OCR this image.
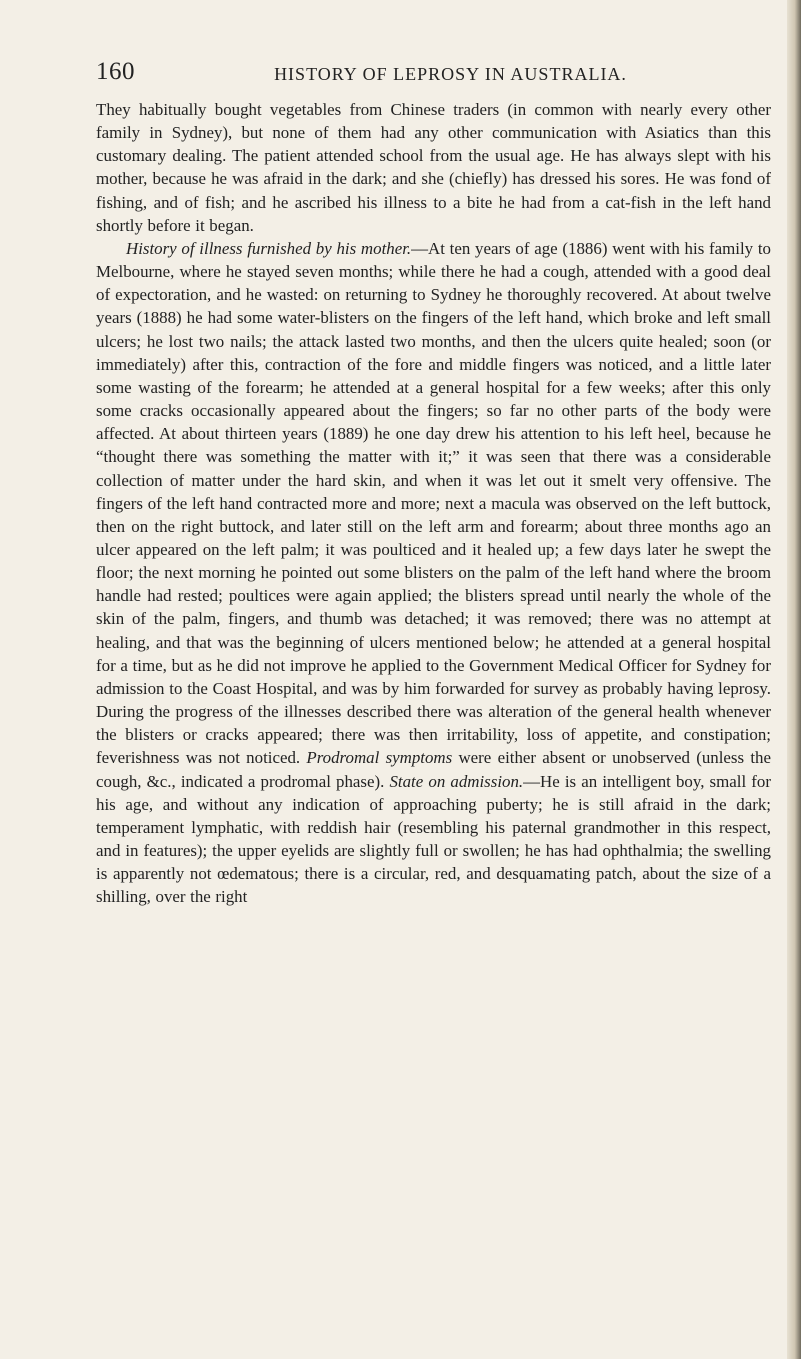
160	HISTORY OF LEPROSY IN AUSTRALIA.

They habitually bought vegetables from Chinese traders (in common with nearly every other family in Sydney), but none of them had any other communication with Asiatics than this customary dealing. The patient attended school from the usual age. He has always slept with his mother, because he was afraid in the dark; and she (chiefly) has dressed his sores. He was fond of fishing, and of fish; and he ascribed his illness to a bite he had from a cat-fish in the left hand shortly before it began.

History of illness furnished by his mother.—At ten years of age (1886) went with his family to Melbourne, where he stayed seven months; while there he had a cough, attended with a good deal of expectoration, and he wasted: on returning to Sydney he thoroughly recovered. At about twelve years (1888) he had some water-blisters on the fingers of the left hand, which broke and left small ulcers; he lost two nails; the attack lasted two months, and then the ulcers quite healed; soon (or immediately) after this, contraction of the fore and middle fingers was noticed, and a little later some wasting of the forearm; he attended at a general hospital for a few weeks; after this only some cracks occasionally appeared about the fingers; so far no other parts of the body were affected. At about thirteen years (1889) he one day drew his attention to his left heel, because he “thought there was something the matter with it;” it was seen that there was a considerable collection of matter under the hard skin, and when it was let out it smelt very offensive. The fingers of the left hand contracted more and more; next a macula was observed on the left buttock, then on the right buttock, and later still on the left arm and forearm; about three months ago an ulcer appeared on the left palm; it was poulticed and it healed up; a few days later he swept the floor; the next morning he pointed out some blisters on the palm of the left hand where the broom handle had rested; poultices were again applied; the blisters spread until nearly the whole of the skin of the palm, fingers, and thumb was detached; it was removed; there was no attempt at healing, and that was the beginning of ulcers mentioned below; he attended at a general hospital for a time, but as he did not improve he applied to the Government Medical Officer for Sydney for admission to the Coast Hospital, and was by him forwarded for survey as probably having leprosy. During the progress of the illnesses described there was alteration of the general health whenever the blisters or cracks appeared; there was then irritability, loss of appetite, and constipation; feverishness was not noticed. Prodromal symptoms were either absent or unobserved (unless the cough, &c., indicated a prodromal phase). State on admission.—He is an intelligent boy, small for his age, and without any indication of approaching puberty; he is still afraid in the dark; temperament lymphatic, with reddish hair (resembling his paternal grandmother in this respect, and in features); the upper eyelids are slightly full or swollen; he has had ophthalmia; the swelling is apparently not œdematous; there is a circular, red, and desquamating patch, about the size of a shilling, over the right
